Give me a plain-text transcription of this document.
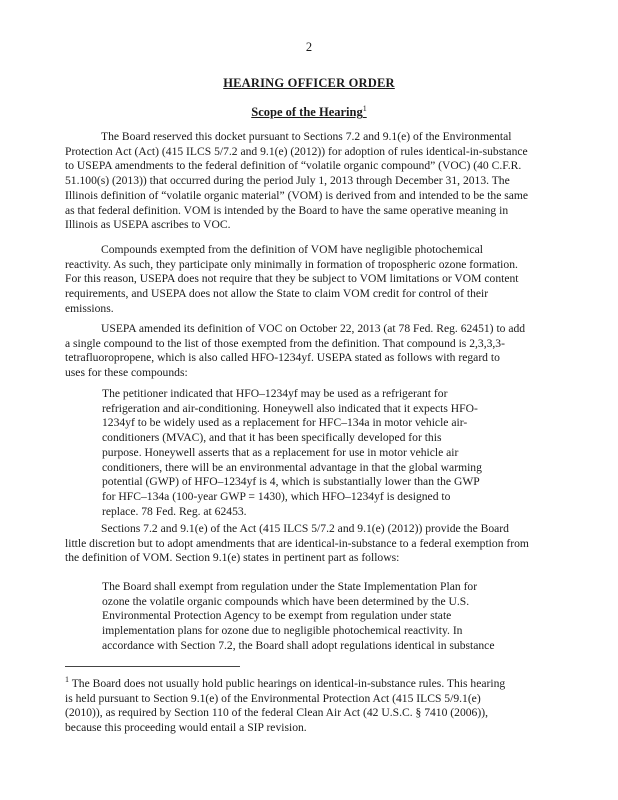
2
HEARING OFFICER ORDER
Scope of the Hearing$^1$
The Board reserved this docket pursuant to Sections 7.2 and 9.1(e) of the Environmental
Protection Act (Act) (415 ILCS 5/7.2 and 9.1(e) (2012)) for adoption of rules identical-in-substance
to USEPA amendments to the federal definition of “volatile organic compound” (VOC) (40 C.F.R.
51.100(s) (2013)) that occurred during the period July 1, 2013 through December 31, 2013. The
Illinois definition of “volatile organic material” (VOM) is derived from and intended to be the same
as that federal definition. VOM is intended by the Board to have the same operative meaning in
Illinois as USEPA ascribes to VOC.
Compounds exempted from the definition of VOM have negligible photochemical
reactivity. As such, they participate only minimally in formation of tropospheric ozone formation.
For this reason, USEPA does not require that they be subject to VOM limitations or VOM content
requirements, and USEPA does not allow the State to claim VOM credit for control of their
emissions.
USEPA amended its definition of VOC on October 22, 2013 (at 78 Fed. Reg. 62451) to add
a single compound to the list of those exempted from the definition. That compound is 2,3,3,3-
tetrafluoropropene, which is also called HFO-1234yf. USEPA stated as follows with regard to
uses for these compounds:
The petitioner indicated that HFO–1234yf may be used as a refrigerant for
refrigeration and air-conditioning. Honeywell also indicated that it expects HFO-
1234yf to be widely used as a replacement for HFC–134a in motor vehicle air-
conditioners (MVAC), and that it has been specifically developed for this
purpose. Honeywell asserts that as a replacement for use in motor vehicle air
conditioners, there will be an environmental advantage in that the global warming
potential (GWP) of HFO–1234yf is 4, which is substantially lower than the GWP
for HFC–134a (100-year GWP = 1430), which HFO–1234yf is designed to
replace. 78 Fed. Reg. at 62453.
Sections 7.2 and 9.1(e) of the Act (415 ILCS 5/7.2 and 9.1(e) (2012)) provide the Board
little discretion but to adopt amendments that are identical-in-substance to a federal exemption from
the definition of VOM. Section 9.1(e) states in pertinent part as follows:
The Board shall exempt from regulation under the State Implementation Plan for
ozone the volatile organic compounds which have been determined by the U.S.
Environmental Protection Agency to be exempt from regulation under state
implementation plans for ozone due to negligible photochemical reactivity. In
accordance with Section 7.2, the Board shall adopt regulations identical in substance
$^1$ The Board does not usually hold public hearings on identical-in-substance rules. This hearing
is held pursuant to Section 9.1(e) of the Environmental Protection Act (415 ILCS 5/9.1(e)
(2010)), as required by Section 110 of the federal Clean Air Act (42 U.S.C. § 7410 (2006)),
because this proceeding would entail a SIP revision.
